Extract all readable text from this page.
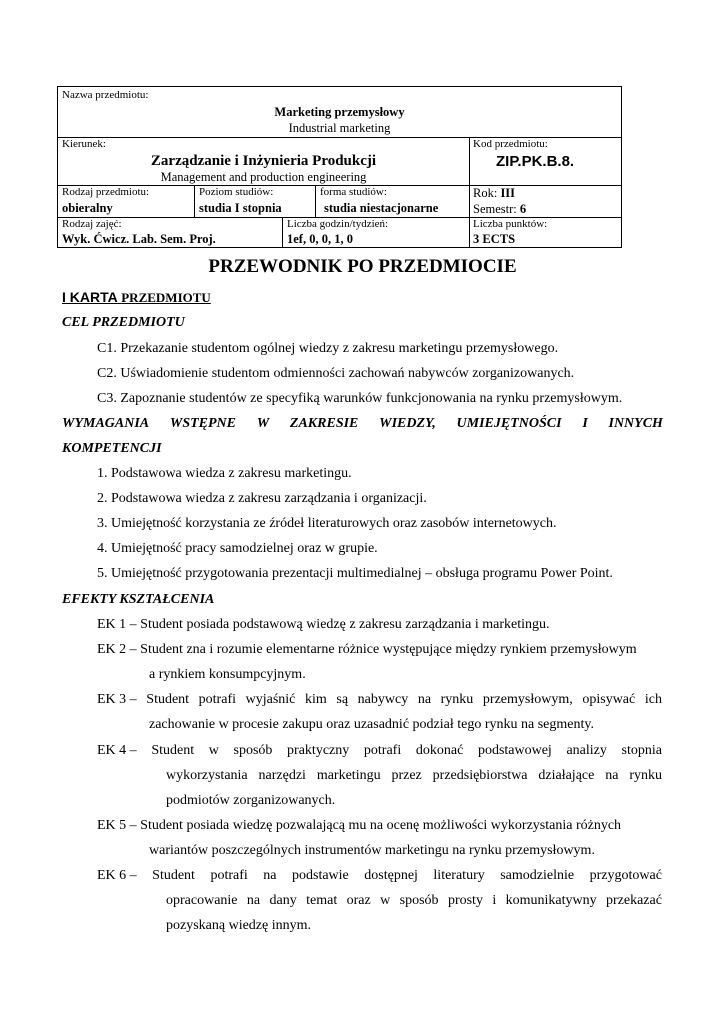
Nazwa przedmiotu:
Marketing przemysłowy
Industrial marketing
Kierunek:
Zarządzanie i Inżynieria Produkcji
Management and production engineering
Kod przedmiotu:
ZIP.PK.B.8.
Rodzaj przedmiotu:
obieralny
Poziom studiów:
studia I stopnia
forma studiów:
studia niestacjonarne
Rok: III
Semestr: 6
Rodzaj zajęć:
Wyk. Ćwicz. Lab. Sem. Proj.
Liczba godzin/tydzień:
1ef, 0, 0, 1, 0
Liczba punktów:
3 ECTS
PRZEWODNIK PO PRZEDMIOCIE
I KARTA PRZEDMIOTU
CEL PRZEDMIOTU
C1. Przekazanie studentom ogólnej wiedzy z zakresu marketingu przemysłowego.
C2. Uświadomienie studentom odmienności zachowań nabywców zorganizowanych.
C3. Zapoznanie studentów ze specyfiką warunków funkcjonowania na rynku przemysłowym.
WYMAGANIA WSTĘPNE W ZAKRESIE WIEDZY, UMIEJĘTNOŚCI I INNYCH
KOMPETENCJI
1. Podstawowa wiedza z zakresu marketingu.
2. Podstawowa wiedza z zakresu zarządzania i organizacji.
3. Umiejętność korzystania ze źródeł literaturowych oraz zasobów internetowych.
4. Umiejętność pracy samodzielnej oraz w grupie.
5. Umiejętność przygotowania prezentacji multimedialnej – obsługa programu Power Point.
EFEKTY KSZTAŁCENIA
EK 1 – Student posiada podstawową wiedzę z zakresu zarządzania i marketingu.
EK 2 – Student zna i rozumie elementarne różnice występujące między rynkiem przemysłowym
a rynkiem konsumpcyjnym.
EK 3 – Student potrafi wyjaśnić kim są nabywcy na rynku przemysłowym, opisywać ich
zachowanie w procesie zakupu oraz uzasadnić podział tego rynku na segmenty.
EK 4 – Student w sposób praktyczny potrafi dokonać podstawowej analizy stopnia
wykorzystania narzędzi marketingu przez przedsiębiorstwa działające na rynku
podmiotów zorganizowanych.
EK 5 – Student posiada wiedzę pozwalającą mu na ocenę możliwości wykorzystania różnych
wariantów poszczególnych instrumentów marketingu na rynku przemysłowym.
EK 6 – Student potrafi na podstawie dostępnej literatury samodzielnie przygotować
opracowanie na dany temat oraz w sposób prosty i komunikatywny przekazać
pozyskaną wiedzę innym.
